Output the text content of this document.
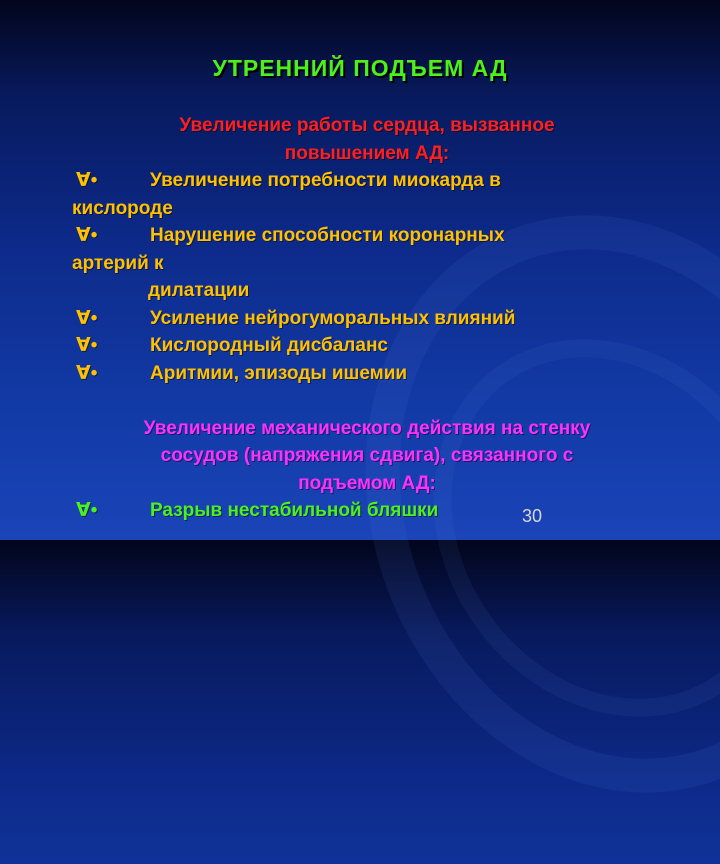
УТРЕННИЙ ПОДЪЕМ АД
Увеличение работы сердца, вызванное
повышением АД:
∀•	Увеличение потребности миокарда в
кислороде
∀•	Нарушение способности коронарных
артерий к
дилатации
∀•	Усиление нейрогуморальных влияний
∀•	Кислородный дисбаланс
∀•	Аритмии, эпизоды ишемии
Увеличение механического действия на стенку
сосудов (напряжения сдвига), связанного с
подъемом АД:
∀•	Разрыв нестабильной бляшки	30
